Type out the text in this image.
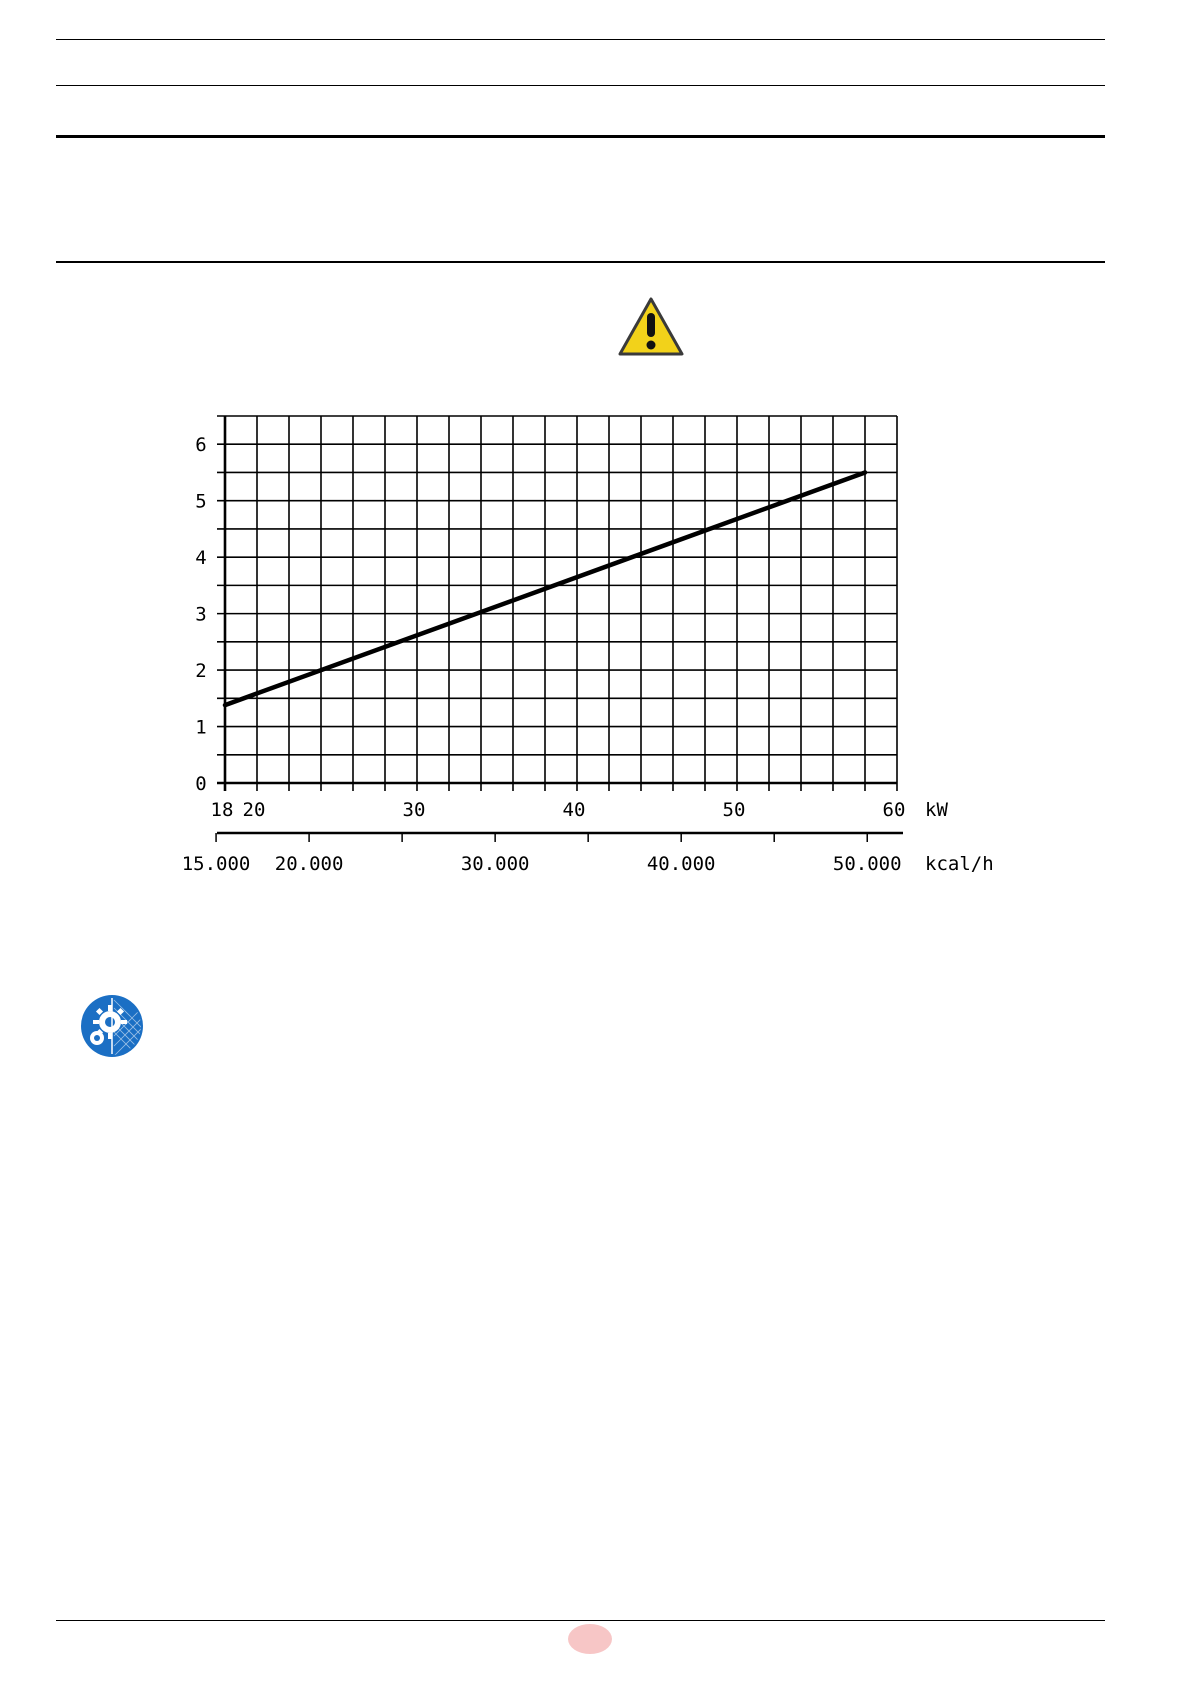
0
1
2
3
4
5
6
18 20	30	40	50	60 kW
15.000 20.000	30.000	40.000	50.000 kcal/h
